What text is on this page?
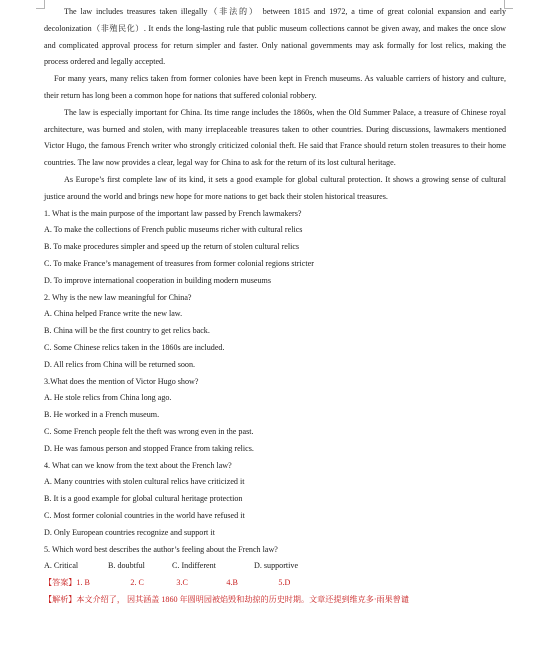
The law includes treasures taken illegally（非法的） between 1815 and 1972, a time of great colonial expansion and early decolonization（非殖民化）. It ends the long-lasting rule that public museum collections cannot be given away, and makes the once slow and complicated approval process for return simpler and faster. Only national governments may ask formally for lost relics, making the process ordered and legally accepted.

For many years, many relics taken from former colonies have been kept in French museums. As valuable carriers of history and culture, their return has long been a common hope for nations that suffered colonial robbery.

The law is especially important for China. Its time range includes the 1860s, when the Old Summer Palace, a treasure of Chinese royal architecture, was burned and stolen, with many irreplaceable treasures taken to other countries. During discussions, lawmakers mentioned Victor Hugo, the famous French writer who strongly criticized colonial theft. He said that France should return stolen treasures to their home countries. The law now provides a clear, legal way for China to ask for the return of its lost cultural heritage.

As Europe’s first complete law of its kind, it sets a good example for global cultural protection. It shows a growing sense of cultural justice around the world and brings new hope for more nations to get back their stolen historical treasures.

1. What is the main purpose of the important law passed by French lawmakers?
A. To make the collections of French public museums richer with cultural relics
B. To make procedures simpler and speed up the return of stolen cultural relics
C. To make France’s management of treasures from former colonial regions stricter
D. To improve international cooperation in building modern museums
2. Why is the new law meaningful for China?
A. China helped France write the new law.
B. China will be the first country to get relics back.
C. Some Chinese relics taken in the 1860s are included.
D. All relics from China will be returned soon.
3.What does the mention of Victor Hugo show?
A. He stole relics from China long ago.
B. He worked in a French museum.
C. Some French people felt the theft was wrong even in the past.
D. He was famous person and stopped France from taking relics.
4. What can we know from the text about the French law?
A. Many countries with stolen cultural relics have criticized it
B. It is a good example for global cultural heritage protection
C. Most former colonial countries in the world have refused it
D. Only European countries recognize and support it
5. Which word best describes the author’s feeling about the French law?
A. Critical	B. doubtful	C. Indifferent	D. supportive
【答案】1. B	2. C	3.C	4.B	5.D
【解析】本文介绍了， 因其涵盖 1860 年圆明园被焰毁和劫掠的历史时期。文章还提到维克多·雨果曾谴
